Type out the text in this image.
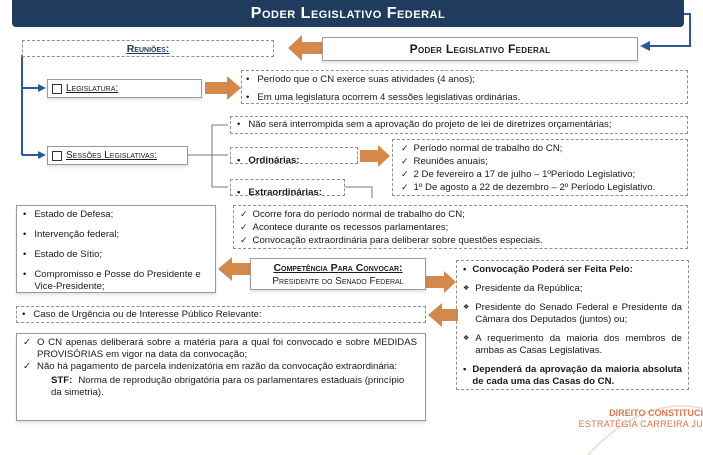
Poder Legislativo Federal
Reuniões:	Poder Legislativo Federal
Legislatura:
• Período que o CN exerce suas atividades (4 anos);
• Em uma legislatura ocorrem 4 sessões legislativas ordinárias.
Sessões Legislativas:
• Não será interrompida sem a aprovação do projeto de lei de diretrizes orçamentárias;
• Ordinárias:
✓ Período normal de trabalho do CN;
✓ Reuniões anuais;
✓ 2 De fevereiro a 17 de julho – 1ºPeríodo Legislativo;
✓ 1º De agosto a 22 de dezembro – 2º Período Legislativo.
• Extraordinárias:
✓ Ocorre fora do período normal de trabalho do CN;
✓ Acontece durante os recessos parlamentares;
✓ Convocação extraordinária para deliberar sobre questões especiais.
• Estado de Defesa;
• Intervenção federal;
• Estado de Sítio;
• Compromisso e Posse do Presidente e Vice-Presidente;
Competência Para Convocar:
Presidente do Senado Federal
• Convocação Poderá ser Feita Pelo:
❖ Presidente da República;
❖ Presidente do Senado Federal e Presidente da Câmara dos Deputados (juntos) ou;
❖ A requerimento da maioria dos membros de ambas as Casas Legislativas.
• Dependerá da aprovação da maioria absoluta de cada uma das Casas do CN.
• Caso de Urgência ou de Interesse Público Relevante:
✓ O CN apenas deliberará sobre a matéria para a qual foi convocado e sobre MEDIDAS PROVISÓRIAS em vigor na data da convocação;
✓ Não há pagamento de parcela indenizatória em razão da convocação extraordinária:
STF: Norma de reprodução obrigatória para os parlamentares estaduais (princípio da simetria).
DIREITO CONSTITUCI
ESTRATÉGIA CARREIRA JU
